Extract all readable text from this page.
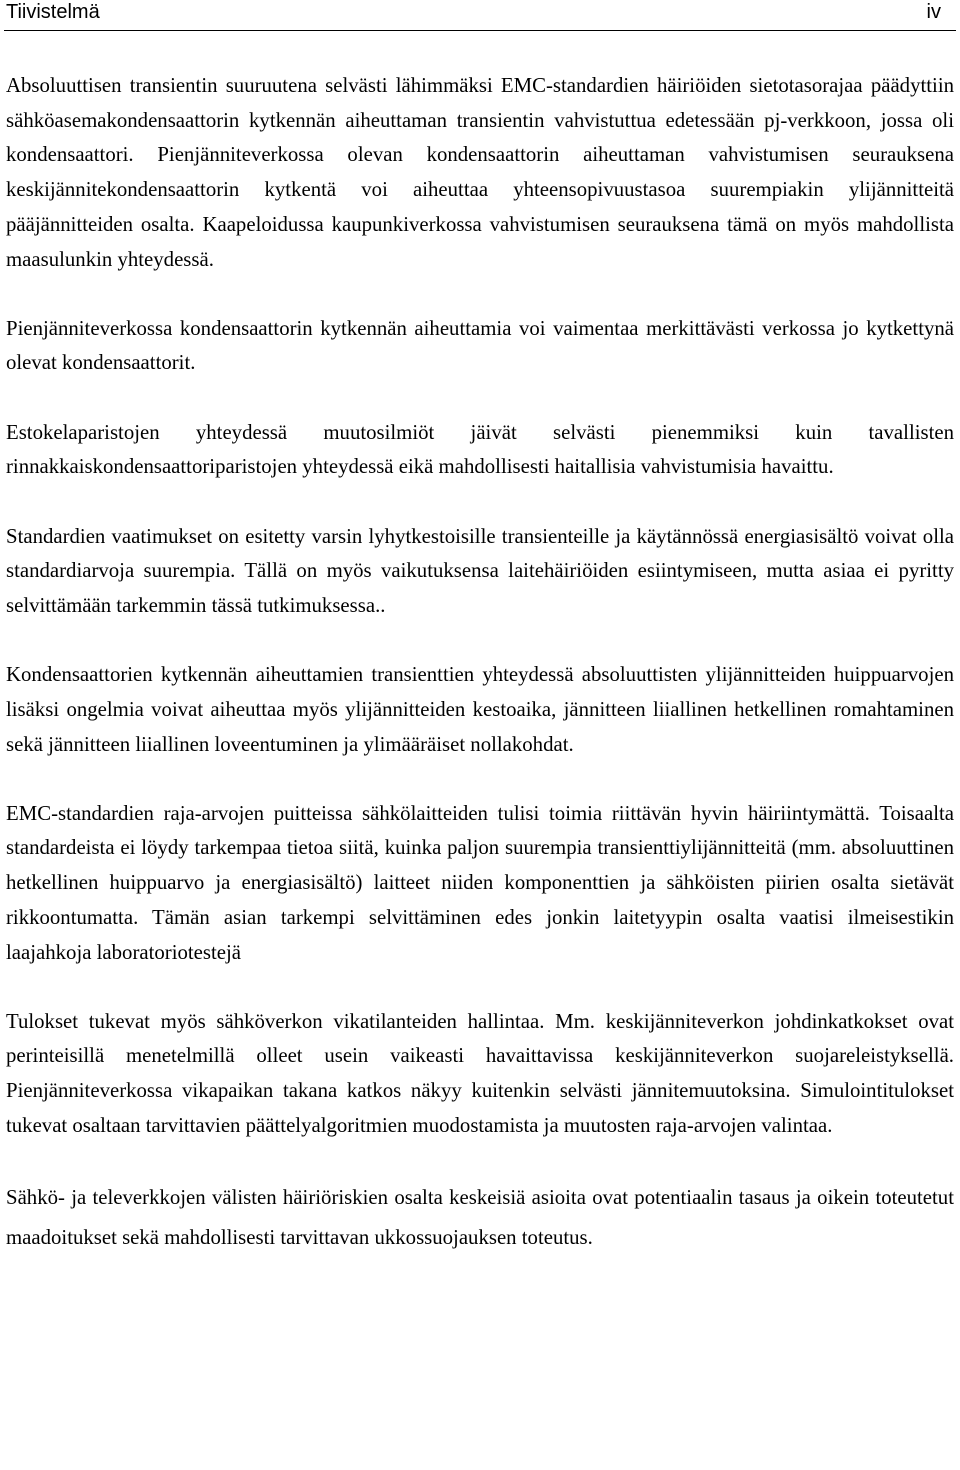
Tiivistelmä	iv

Absoluuttisen transientin suuruutena selvästi lähimmäksi EMC-standardien häiriöiden sietotasorajaa päädyttiin sähköasemakondensaattorin kytkennän aiheuttaman transientin vahvistuttua edetessään pj-verkkoon, jossa oli kondensaattori. Pienjänniteverkossa olevan kondensaattorin aiheuttaman vahvistumisen seurauksena keskijännitekondensaattorin kytkentä voi aiheuttaa yhteensopivuustasoa suurempiakin ylijännitteitä pääjännitteiden osalta. Kaapeloidussa kaupunkiverkossa vahvistumisen seurauksena tämä on myös mahdollista maasulunkin yhteydessä.

Pienjänniteverkossa kondensaattorin kytkennän aiheuttamia voi vaimentaa merkittävästi verkossa jo kytkettynä olevat kondensaattorit.

Estokelaparistojen yhteydessä muutosilmiöt jäivät selvästi pienemmiksi kuin tavallisten rinnakkaiskondensaattoriparistojen yhteydessä eikä mahdollisesti haitallisia vahvistumisia havaittu.

Standardien vaatimukset on esitetty varsin lyhytkestoisille transienteille ja käytännössä energiasisältö voivat olla standardiarvoja suurempia. Tällä on myös vaikutuksensa laitehäiriöiden esiintymiseen, mutta asiaa ei pyritty selvittämään tarkemmin tässä tutkimuksessa..

Kondensaattorien kytkennän aiheuttamien transienttien yhteydessä absoluuttisten ylijännitteiden huippuarvojen lisäksi ongelmia voivat aiheuttaa myös ylijännitteiden kestoaika, jännitteen liiallinen hetkellinen romahtaminen sekä jännitteen liiallinen loveentuminen ja ylimääräiset nollakohdat.

EMC-standardien raja-arvojen puitteissa sähkölaitteiden tulisi toimia riittävän hyvin häiriintymättä. Toisaalta standardeista ei löydy tarkempaa tietoa siitä, kuinka paljon suurempia transienttiylijännitteitä (mm. absoluuttinen hetkellinen huippuarvo ja energiasisältö) laitteet niiden komponenttien ja sähköisten piirien osalta sietävät rikkoontumatta. Tämän asian tarkempi selvittäminen edes jonkin laitetyypin osalta vaatisi ilmeisestikin laajahkoja laboratoriotestejä

Tulokset tukevat myös sähköverkon vikatilanteiden hallintaa. Mm. keskijänniteverkon johdinkatkokset ovat perinteisillä menetelmillä olleet usein vaikeasti havaittavissa keskijänniteverkon suojareleistyksellä. Pienjänniteverkossa vikapaikan takana katkos näkyy kuitenkin selvästi jännitemuutoksina. Simulointitulokset tukevat osaltaan tarvittavien päättelyalgoritmien muodostamista ja muutosten raja-arvojen valintaa.

Sähkö- ja televerkkojen välisten häiriöriskien osalta keskeisiä asioita ovat potentiaalin tasaus ja oikein toteutetut maadoitukset sekä mahdollisesti tarvittavan ukkossuojauksen toteutus.
